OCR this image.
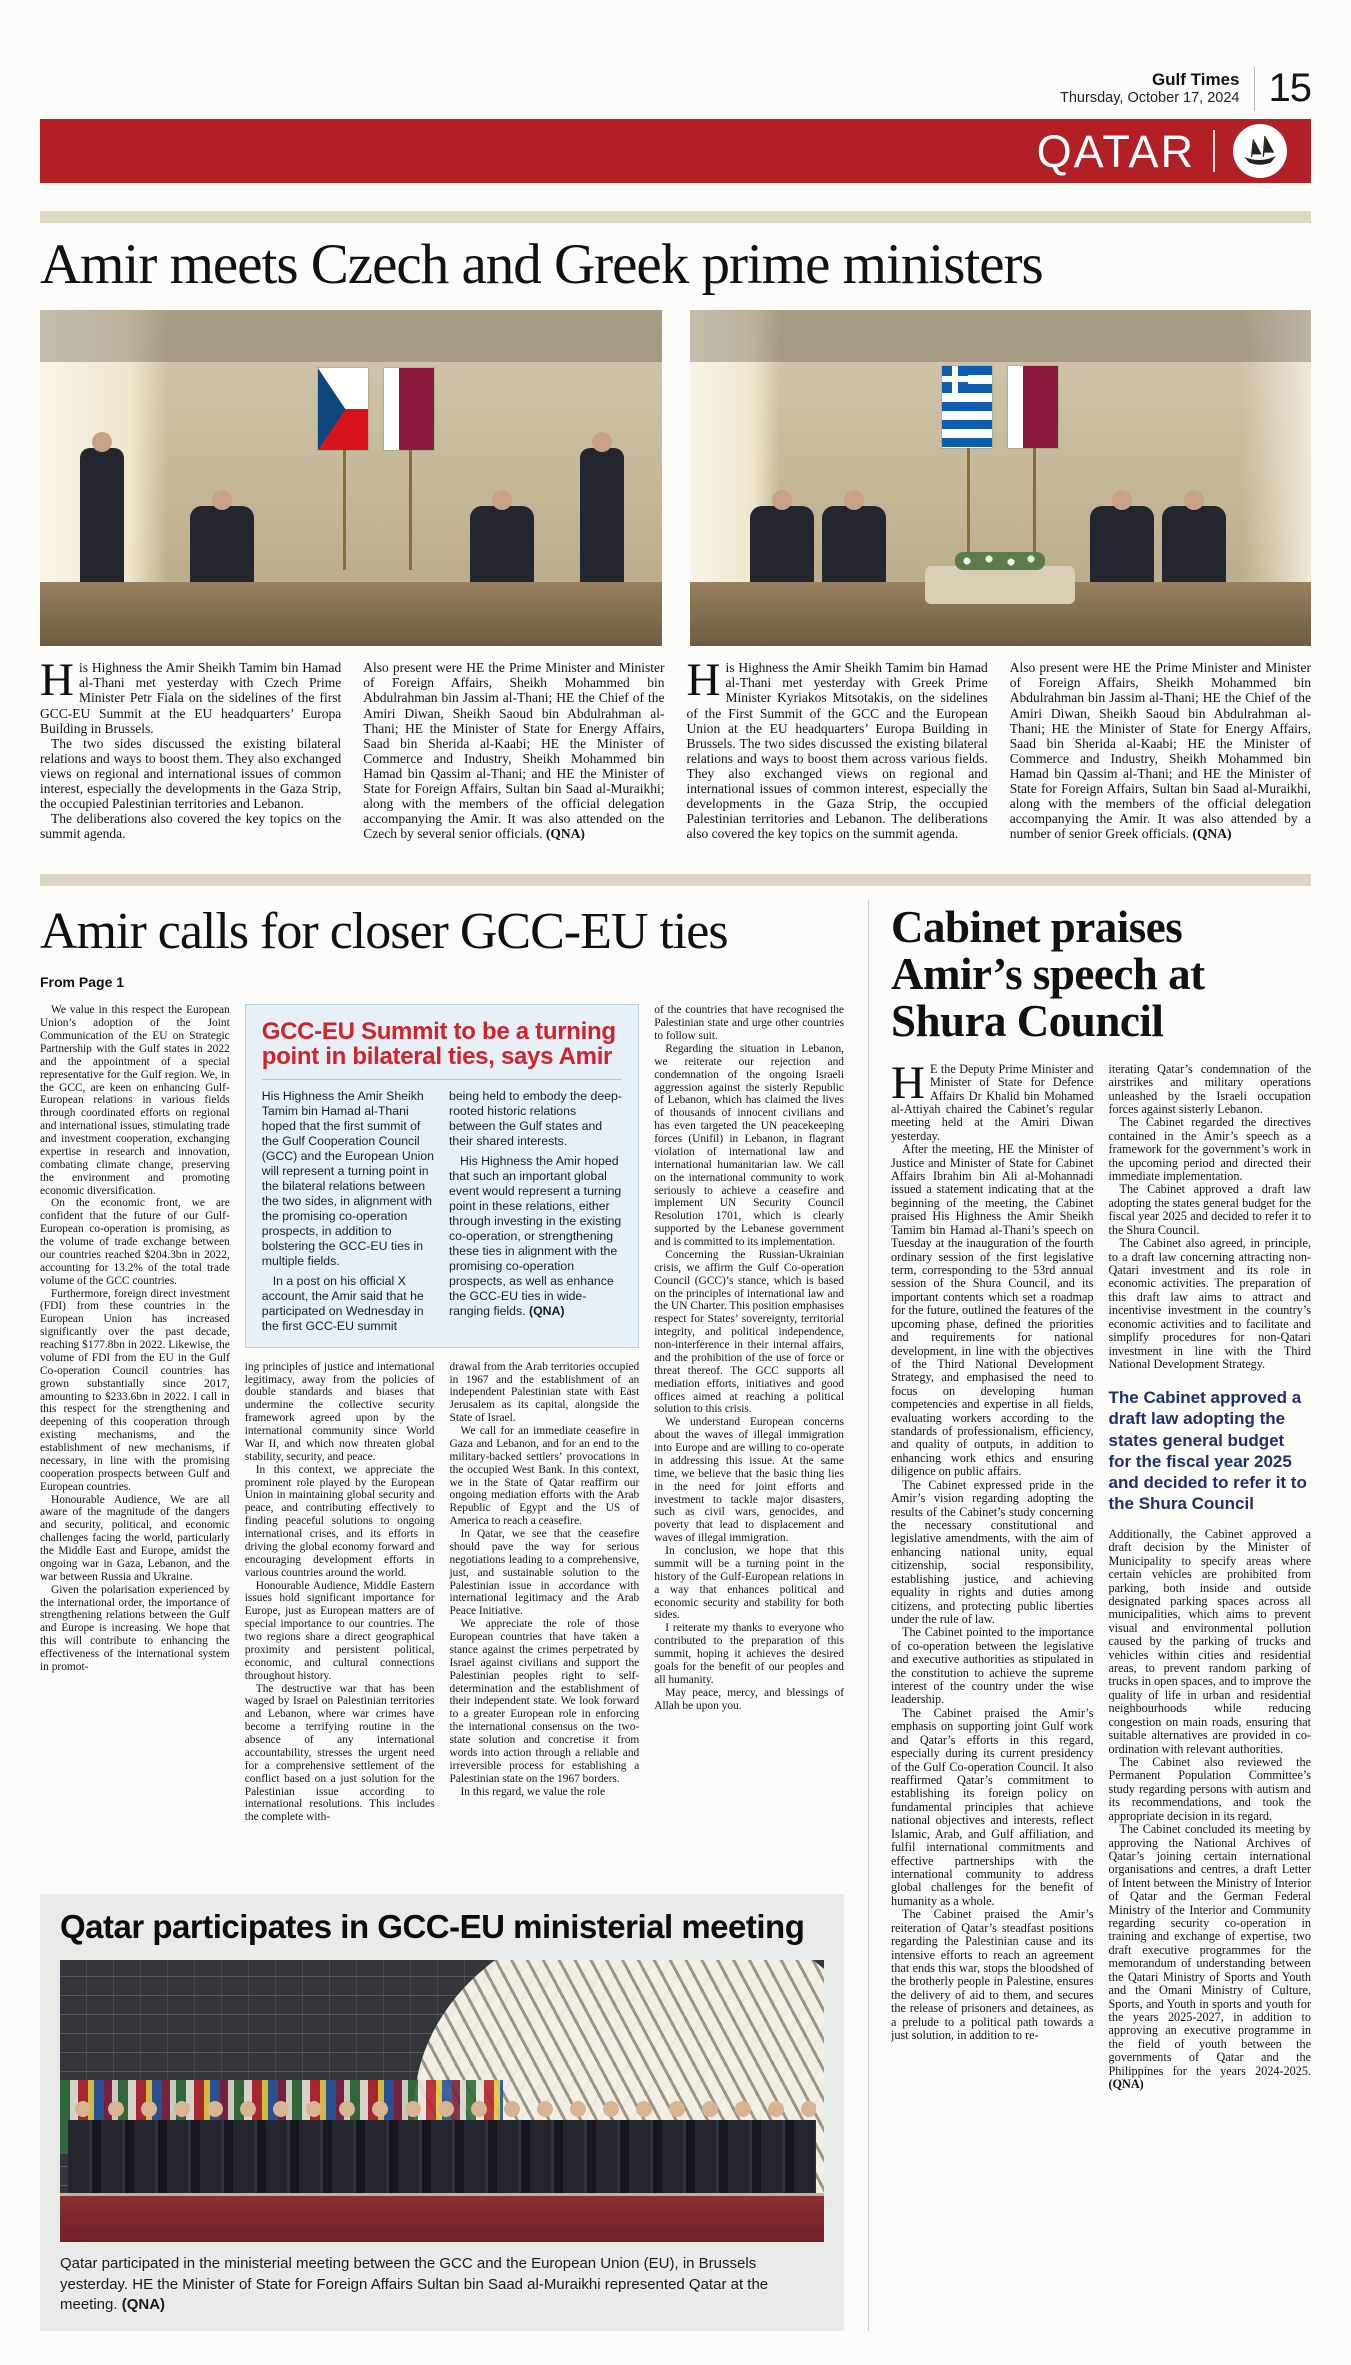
Gulf Times
Thursday, October 17, 2024 15
QATAR
Amir meets Czech and Greek prime ministers

His Highness the Amir Sheikh Tamim bin Hamad al-Thani met yesterday with Czech Prime Minister Petr Fiala on the sidelines of the first GCC-EU Summit at the EU headquarters’ Europa Building in Brussels.

The two sides discussed the existing bilateral relations and ways to boost them. They also exchanged views on regional and international issues of common interest, especially the developments in the Gaza Strip, the occupied Palestinian territories and Lebanon.

The deliberations also covered the key topics on the summit agenda.

Also present were HE the Prime Minister and Minister of Foreign Affairs, Sheikh Mohammed bin Abdulrahman bin Jassim al-Thani; HE the Chief of the Amiri Diwan, Sheikh Saoud bin Abdulrahman al-Thani; HE the Minister of State for Energy Affairs, Saad bin Sherida al-Kaabi; HE the Minister of Commerce and Industry, Sheikh Mohammed bin Hamad bin Qassim al-Thani; and HE the Minister of State for Foreign Affairs, Sultan bin Saad al-Muraikhi; along with the members of the official delegation accompanying the Amir. It was also attended on the Czech by several senior officials. (QNA)

His Highness the Amir Sheikh Tamim bin Hamad al-Thani met yesterday with Greek Prime Minister Kyriakos Mitsotakis, on the sidelines of the First Summit of the GCC and the European Union at the EU headquarters’ Europa Building in Brussels. The two sides discussed the existing bilateral relations and ways to boost them across various fields. They also exchanged views on regional and international issues of common interest, especially the developments in the Gaza Strip, the occupied Palestinian territories and Lebanon. The deliberations also covered the key topics on the summit agenda.

Also present were HE the Prime Minister and Minister of Foreign Affairs, Sheikh Mohammed bin Abdulrahman bin Jassim al-Thani; HE the Chief of the Amiri Diwan, Sheikh Saoud bin Abdulrahman al-Thani; HE the Minister of State for Energy Affairs, Saad bin Sherida al-Kaabi; HE the Minister of Commerce and Industry, Sheikh Mohammed bin Hamad bin Qassim al-Thani; and HE the Minister of State for Foreign Affairs, Sultan bin Saad al-Muraikhi, along with the members of the official delegation accompanying the Amir. It was also attended by a number of senior Greek officials. (QNA)

Amir calls for closer GCC-EU ties
From Page 1

We value in this respect the European Union’s adoption of the Joint Communication of the EU on Strategic Partnership with the Gulf states in 2022 and the appointment of a special representative for the Gulf region. We, in the GCC, are keen on enhancing Gulf-European relations in various fields through coordinated efforts on regional and international issues, stimulating trade and investment cooperation, exchanging expertise in research and innovation, combating climate change, preserving the environment and promoting economic diversification.

On the economic front, we are confident that the future of our Gulf-European co-operation is promising, as the volume of trade exchange between our countries reached $204.3bn in 2022, accounting for 13.2% of the total trade volume of the GCC countries.

Furthermore, foreign direct investment (FDI) from these countries in the European Union has increased significantly over the past decade, reaching $177.8bn in 2022. Likewise, the volume of FDI from the EU in the Gulf Co-operation Council countries has grown substantially since 2017, amounting to $233.6bn in 2022. I call in this respect for the strengthening and deepening of this cooperation through existing mechanisms, and the establishment of new mechanisms, if necessary, in line with the promising cooperation prospects between Gulf and European countries.

Honourable Audience, We are all aware of the magnitude of the dangers and security, political, and economic challenges facing the world, particularly the Middle East and Europe, amidst the ongoing war in Gaza, Lebanon, and the war between Russia and Ukraine.

Given the polarisation experienced by the international order, the importance of strengthening relations between the Gulf and Europe is increasing. We hope that this will contribute to enhancing the effectiveness of the international system in promot-

GCC-EU Summit to be a turning point in bilateral ties, says Amir

His Highness the Amir Sheikh Tamim bin Hamad al-Thani hoped that the first summit of the Gulf Cooperation Council (GCC) and the European Union will represent a turning point in the bilateral relations between the two sides, in alignment with the promising co-operation prospects, in addition to bolstering the GCC-EU ties in multiple fields.

In a post on his official X account, the Amir said that he participated on Wednesday in the first GCC-EU summit

being held to embody the deep-rooted historic relations between the Gulf states and their shared interests.

His Highness the Amir hoped that such an important global event would represent a turning point in these relations, either through investing in the existing co-operation, or strengthening these ties in alignment with the promising co-operation prospects, as well as enhance the GCC-EU ties in wide-ranging fields. (QNA)

ing principles of justice and international legitimacy, away from the policies of double standards and biases that undermine the collective security framework agreed upon by the international community since World War II, and which now threaten global stability, security, and peace.

In this context, we appreciate the prominent role played by the European Union in maintaining global security and peace, and contributing effectively to finding peaceful solutions to ongoing international crises, and its efforts in driving the global economy forward and encouraging development efforts in various countries around the world.

Honourable Audience, Middle Eastern issues hold significant importance for Europe, just as European matters are of special importance to our countries. The two regions share a direct geographical proximity and persistent political, economic, and cultural connections throughout history.

The destructive war that has been waged by Israel on Palestinian territories and Lebanon, where war crimes have become a terrifying routine in the absence of any international accountability, stresses the urgent need for a comprehensive settlement of the conflict based on a just solution for the Palestinian issue according to international resolutions. This includes the complete with-

drawal from the Arab territories occupied in 1967 and the establishment of an independent Palestinian state with East Jerusalem as its capital, alongside the State of Israel.

We call for an immediate ceasefire in Gaza and Lebanon, and for an end to the military-backed settlers’ provocations in the occupied West Bank. In this context, we in the State of Qatar reaffirm our ongoing mediation efforts with the Arab Republic of Egypt and the US of America to reach a ceasefire.

In Qatar, we see that the ceasefire should pave the way for serious negotiations leading to a comprehensive, just, and sustainable solution to the Palestinian issue in accordance with international legitimacy and the Arab Peace Initiative.

We appreciate the role of those European countries that have taken a stance against the crimes perpetrated by Israel against civilians and support the Palestinian peoples right to self-determination and the establishment of their independent state. We look forward to a greater European role in enforcing the international consensus on the two-state solution and concretise it from words into action through a reliable and irreversible process for establishing a Palestinian state on the 1967 borders.

In this regard, we value the role

of the countries that have recognised the Palestinian state and urge other countries to follow suit.

Regarding the situation in Lebanon, we reiterate our rejection and condemnation of the ongoing Israeli aggression against the sisterly Republic of Lebanon, which has claimed the lives of thousands of innocent civilians and has even targeted the UN peacekeeping forces (Unifil) in Lebanon, in flagrant violation of international law and international humanitarian law. We call on the international community to work seriously to achieve a ceasefire and implement UN Security Council Resolution 1701, which is clearly supported by the Lebanese government and is committed to its implementation.

Concerning the Russian-Ukrainian crisis, we affirm the Gulf Co-operation Council (GCC)’s stance, which is based on the principles of international law and the UN Charter. This position emphasises respect for States’ sovereignty, territorial integrity, and political independence, non-interference in their internal affairs, and the prohibition of the use of force or threat thereof. The GCC supports all mediation efforts, initiatives and good offices aimed at reaching a political solution to this crisis.

We understand European concerns about the waves of illegal immigration into Europe and are willing to co-operate in addressing this issue. At the same time, we believe that the basic thing lies in the need for joint efforts and investment to tackle major disasters, such as civil wars, genocides, and poverty that lead to displacement and waves of illegal immigration.

In conclusion, we hope that this summit will be a turning point in the history of the Gulf-European relations in a way that enhances political and economic security and stability for both sides.

I reiterate my thanks to everyone who contributed to the preparation of this summit, hoping it achieves the desired goals for the benefit of our peoples and all humanity.

May peace, mercy, and blessings of Allah be upon you.

Qatar participates in GCC-EU ministerial meeting

Qatar participated in the ministerial meeting between the GCC and the European Union (EU), in Brussels yesterday. HE the Minister of State for Foreign Affairs Sultan bin Saad al-Muraikhi represented Qatar at the meeting. (QNA)

Cabinet praises Amir’s speech at Shura Council

H E the Deputy Prime Minister and Minister of State for Defence Affairs Dr Khalid bin Mohamed al-Attiyah chaired the Cabinet’s regular meeting held at the Amiri Diwan yesterday.

After the meeting, HE the Minister of Justice and Minister of State for Cabinet Affairs Ibrahim bin Ali al-Mohannadi issued a statement indicating that at the beginning of the meeting, the Cabinet praised His Highness the Amir Sheikh Tamim bin Hamad al-Thani’s speech on Tuesday at the inauguration of the fourth ordinary session of the first legislative term, corresponding to the 53rd annual session of the Shura Council, and its important contents which set a roadmap for the future, outlined the features of the upcoming phase, defined the priorities and requirements for national development, in line with the objectives of the Third National Development Strategy, and emphasised the need to focus on developing human competencies and expertise in all fields, evaluating workers according to the standards of professionalism, efficiency, and quality of outputs, in addition to enhancing work ethics and ensuring diligence on public affairs.

The Cabinet expressed pride in the Amir’s vision regarding adopting the results of the Cabinet’s study concerning the necessary constitutional and legislative amendments, with the aim of enhancing national unity, equal citizenship, social responsibility, establishing justice, and achieving equality in rights and duties among citizens, and protecting public liberties under the rule of law.

The Cabinet pointed to the importance of co-operation between the legislative and executive authorities as stipulated in the constitution to achieve the supreme interest of the country under the wise leadership.

The Cabinet praised the Amir’s emphasis on supporting joint Gulf work and Qatar’s efforts in this regard, especially during its current presidency of the Gulf Co-operation Council. It also reaffirmed Qatar’s commitment to establishing its foreign policy on fundamental principles that achieve national objectives and interests, reflect Islamic, Arab, and Gulf affiliation, and fulfil international commitments and effective partnerships with the international community to address global challenges for the benefit of humanity as a whole.

The Cabinet praised the Amir’s reiteration of Qatar’s steadfast positions regarding the Palestinian cause and its intensive efforts to reach an agreement that ends this war, stops the bloodshed of the brotherly people in Palestine, ensures the delivery of aid to them, and secures the release of prisoners and detainees, as a prelude to a political path towards a just solution, in addition to re-

iterating Qatar’s condemnation of the airstrikes and military operations unleashed by the Israeli occupation forces against sisterly Lebanon.

The Cabinet regarded the directives contained in the Amir’s speech as a framework for the government’s work in the upcoming period and directed their immediate implementation.

The Cabinet approved a draft law adopting the states general budget for the fiscal year 2025 and decided to refer it to the Shura Council.

The Cabinet also agreed, in principle, to a draft law concerning attracting non-Qatari investment and its role in economic activities. The preparation of this draft law aims to attract and incentivise investment in the country’s economic activities and to facilitate and simplify procedures for non-Qatari investment in line with the Third National Development Strategy.

The Cabinet approved a draft law adopting the states general budget for the fiscal year 2025 and decided to refer it to the Shura Council

Additionally, the Cabinet approved a draft decision by the Minister of Municipality to specify areas where certain vehicles are prohibited from parking, both inside and outside designated parking spaces across all municipalities, which aims to prevent visual and environmental pollution caused by the parking of trucks and vehicles within cities and residential areas, to prevent random parking of trucks in open spaces, and to improve the quality of life in urban and residential neighbourhoods while reducing congestion on main roads, ensuring that suitable alternatives are provided in co-ordination with relevant authorities.

The Cabinet also reviewed the Permanent Population Committee’s study regarding persons with autism and its recommendations, and took the appropriate decision in its regard.

The Cabinet concluded its meeting by approving the National Archives of Qatar’s joining certain international organisations and centres, a draft Letter of Intent between the Ministry of Interior of Qatar and the German Federal Ministry of the Interior and Community regarding security co-operation in training and exchange of expertise, two draft executive programmes for the memorandum of understanding between the Qatari Ministry of Sports and Youth and the Omani Ministry of Culture, Sports, and Youth in sports and youth for the years 2025-2027, in addition to approving an executive programme in the field of youth between the governments of Qatar and the Philippines for the years 2024-2025. (QNA)
